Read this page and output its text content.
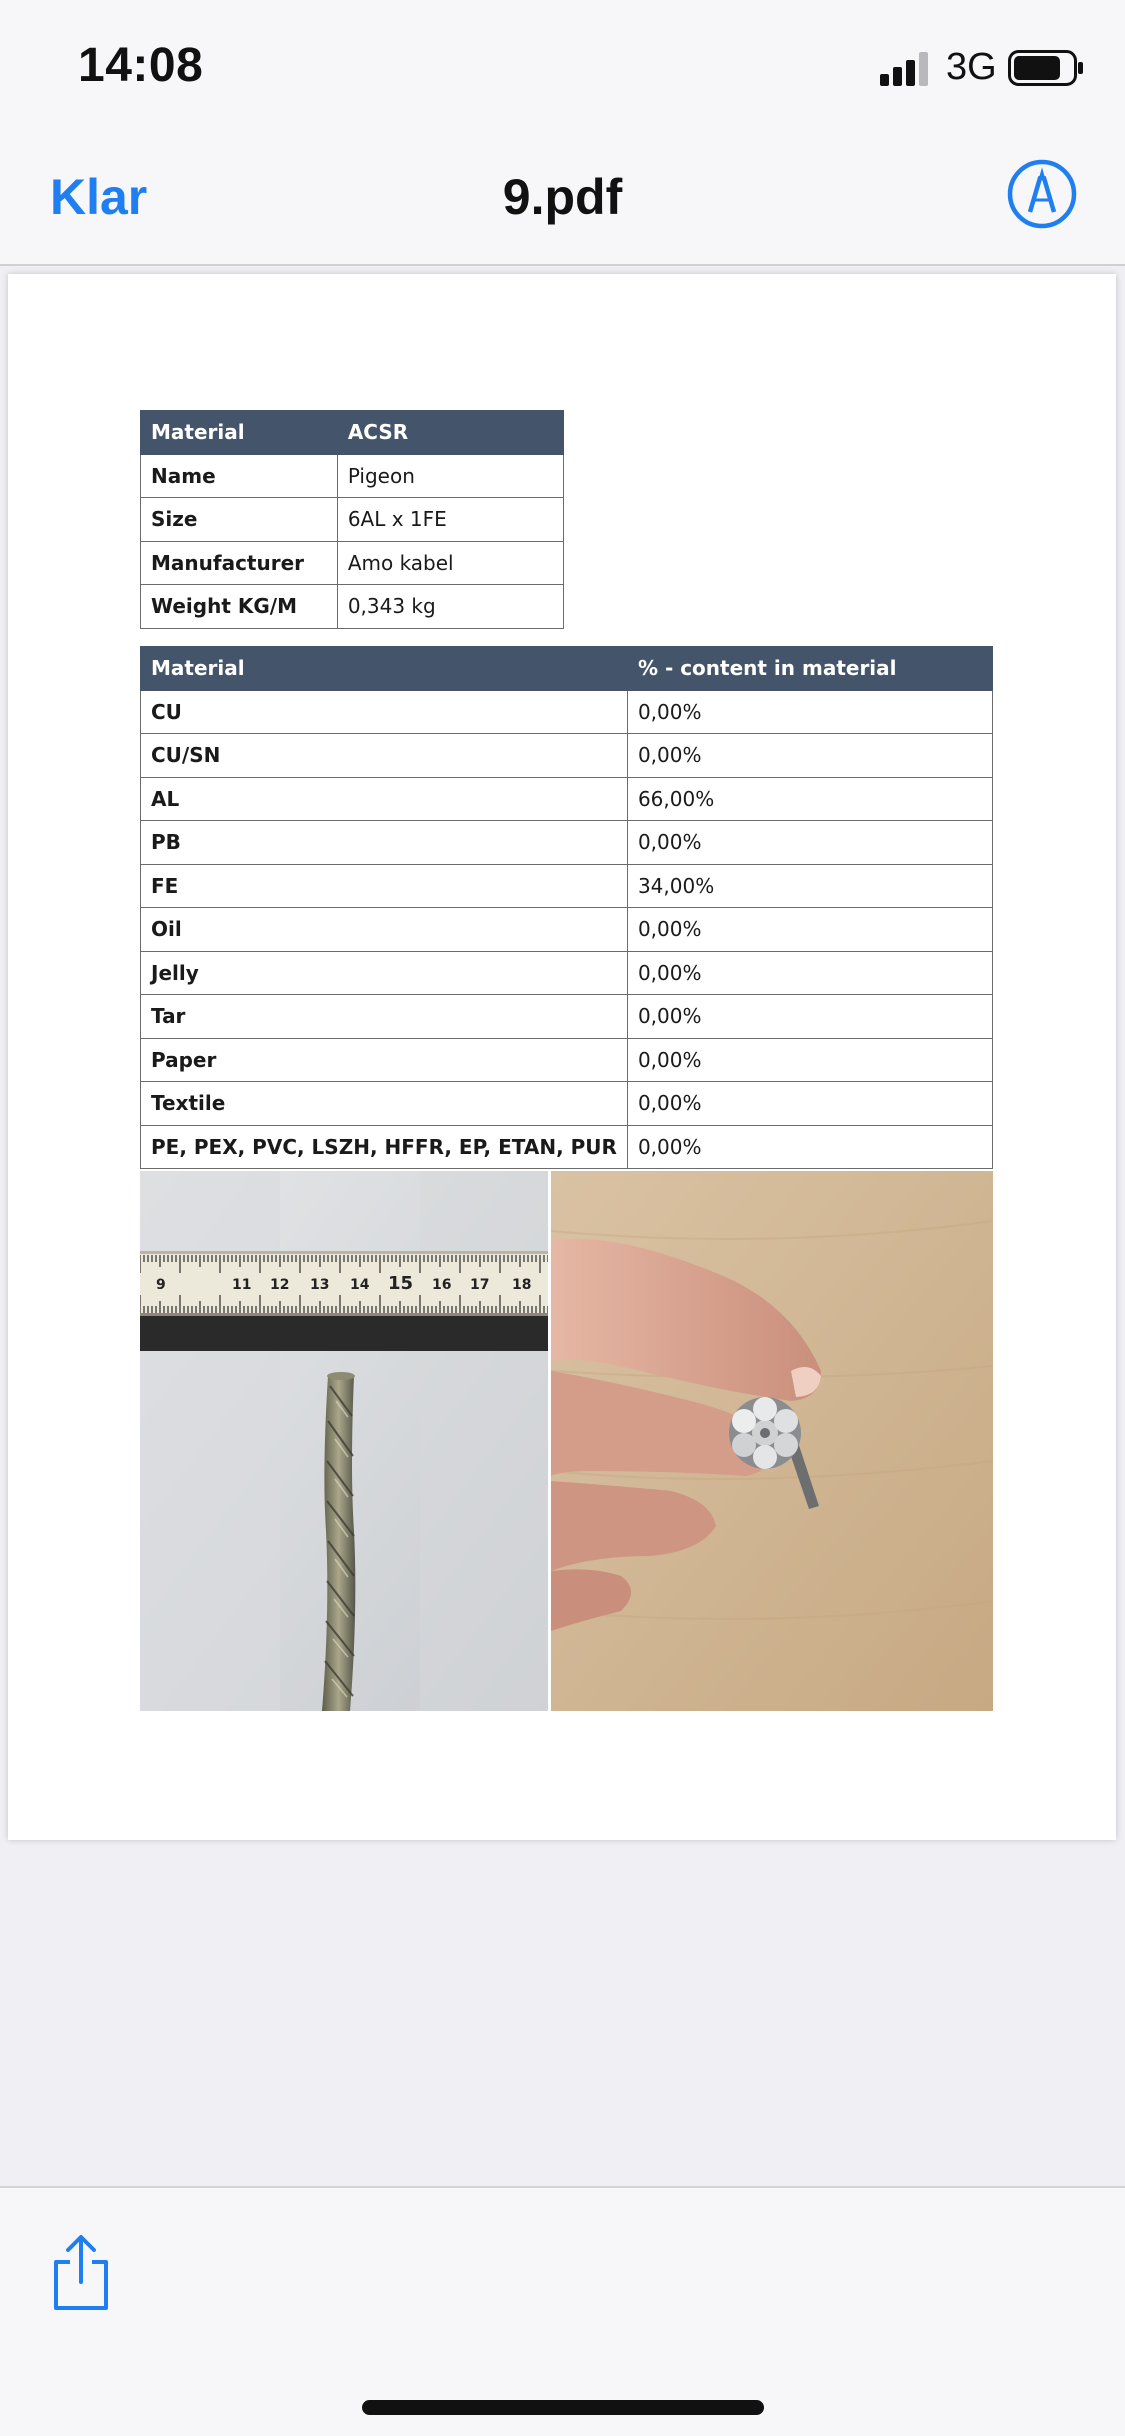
14:08	3G
Klar	9.pdf
Material	ACSR
Name	Pigeon
Size	6AL x 1FE
Manufacturer	Amo kabel
Weight KG/M	0,343 kg
Material	% - content in material
CU	0,00%
CU/SN	0,00%
AL	66,00%
PB	0,00%
FE	34,00%
Oil	0,00%
Jelly	0,00%
Tar	0,00%
Paper	0,00%
Textile	0,00%
PE, PEX, PVC, LSZH, HFFR, EP, ETAN, PUR	0,00%
9	11 12 13 14 15 16 17 18
